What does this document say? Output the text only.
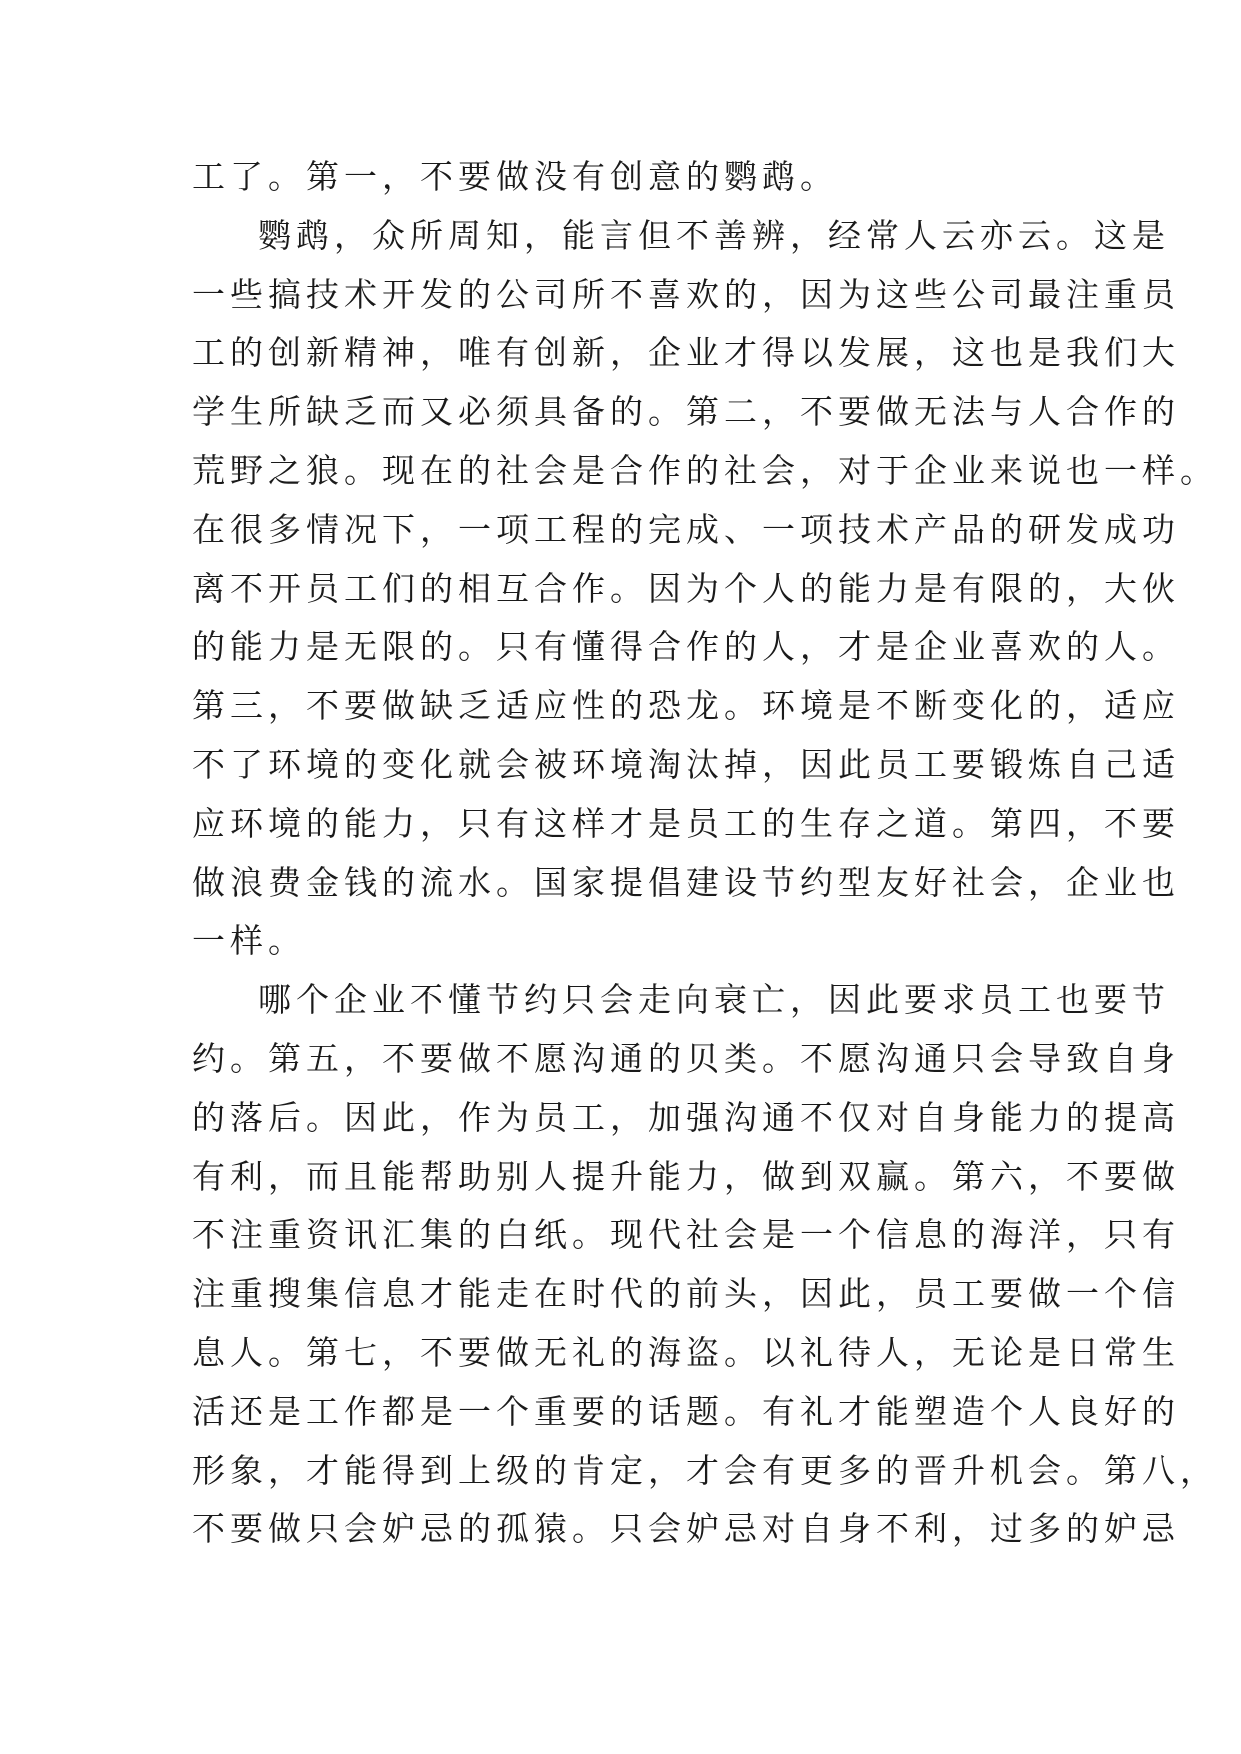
工了。第一，不要做没有创意的鹦鹉。
鹦鹉，众所周知，能言但不善辨，经常人云亦云。这是
一些搞技术开发的公司所不喜欢的，因为这些公司最注重员
工的创新精神，唯有创新，企业才得以发展，这也是我们大
学生所缺乏而又必须具备的。第二，不要做无法与人合作的
荒野之狼。现在的社会是合作的社会，对于企业来说也一样。
在很多情况下，一项工程的完成、一项技术产品的研发成功
离不开员工们的相互合作。因为个人的能力是有限的，大伙
的能力是无限的。只有懂得合作的人，才是企业喜欢的人。
第三，不要做缺乏适应性的恐龙。环境是不断变化的，适应
不了环境的变化就会被环境淘汰掉，因此员工要锻炼自己适
应环境的能力，只有这样才是员工的生存之道。第四，不要
做浪费金钱的流水。国家提倡建设节约型友好社会，企业也
一样。
哪个企业不懂节约只会走向衰亡，因此要求员工也要节
约。第五，不要做不愿沟通的贝类。不愿沟通只会导致自身
的落后。因此，作为员工，加强沟通不仅对自身能力的提高
有利，而且能帮助别人提升能力，做到双赢。第六，不要做
不注重资讯汇集的白纸。现代社会是一个信息的海洋，只有
注重搜集信息才能走在时代的前头，因此，员工要做一个信
息人。第七，不要做无礼的海盗。以礼待人，无论是日常生
活还是工作都是一个重要的话题。有礼才能塑造个人良好的
形象，才能得到上级的肯定，才会有更多的晋升机会。第八，
不要做只会妒忌的孤猿。只会妒忌对自身不利，过多的妒忌
